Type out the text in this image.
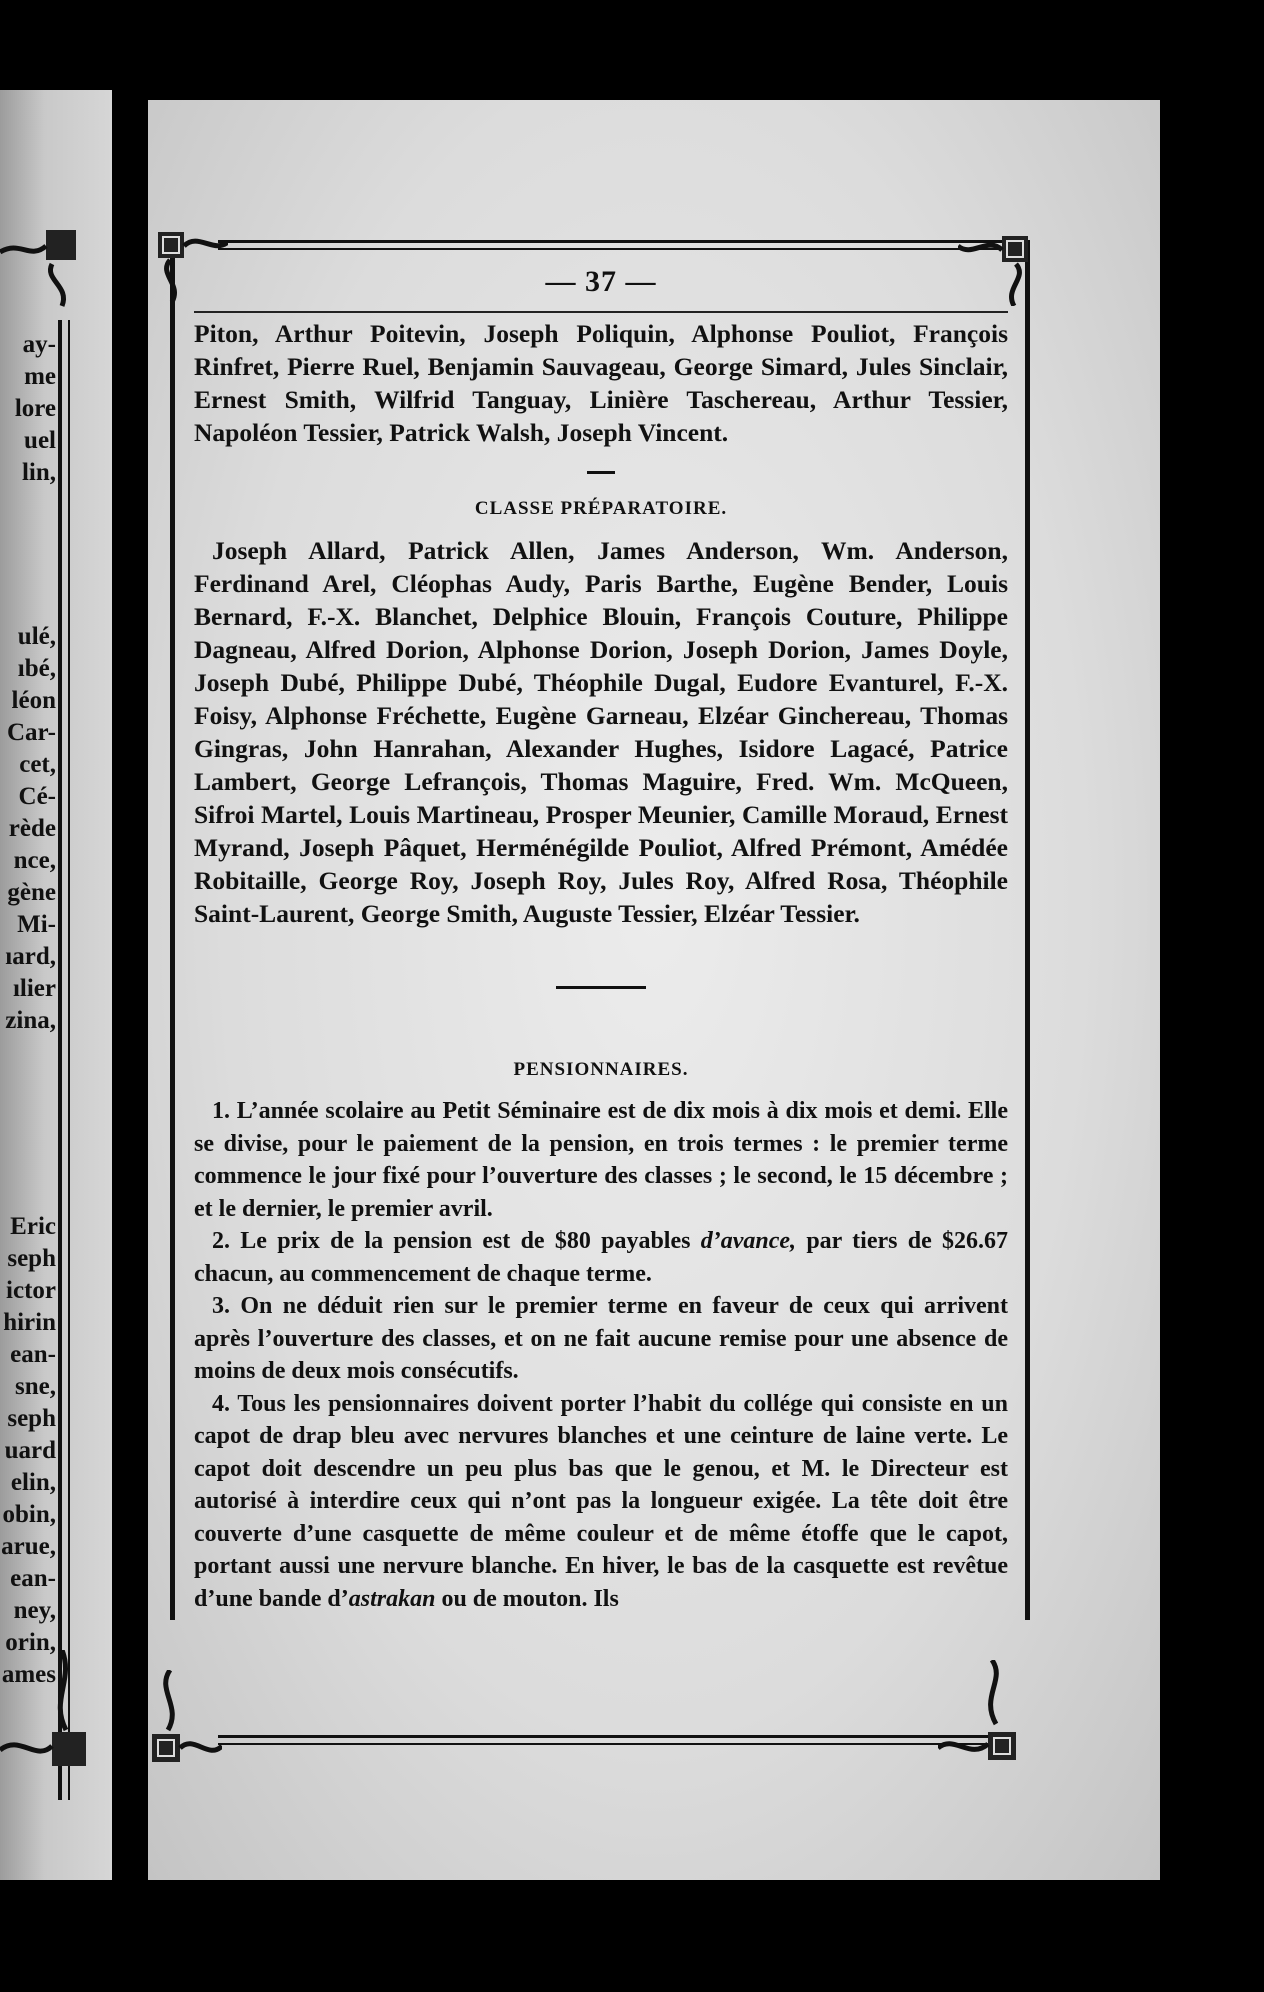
ay-
me
lore
uel
lin,
ulé,
ıbé,
léon
Car-
cet,
Cé-
rède
nce,
gène
Mi-
ıard,
ılier
zina,
Eric
seph
ictor
hirin
ean-
sne,
seph
uard
elin,
obin,
arue,
ean-
ney,
orin,
ames
— 37 —

Piton, Arthur Poitevin, Joseph Poliquin, Alphonse Pouliot, François Rinfret, Pierre Ruel, Benjamin Sauvageau, George Simard, Jules Sinclair, Ernest Smith, Wilfrid Tanguay, Linière Taschereau, Arthur Tessier, Napoléon Tessier, Patrick Walsh, Joseph Vincent.

CLASSE PRÉPARATOIRE.

Joseph Allard, Patrick Allen, James Anderson, Wm. Anderson, Ferdinand Arel, Cléophas Audy, Paris Barthe, Eugène Bender, Louis Bernard, F.-X. Blanchet, Delphice Blouin, François Couture, Philippe Dagneau, Alfred Dorion, Alphonse Dorion, Joseph Dorion, James Doyle, Joseph Dubé, Philippe Dubé, Théophile Dugal, Eudore Evanturel, F.-X. Foisy, Alphonse Fréchette, Eugène Garneau, Elzéar Ginchereau, Thomas Gingras, John Hanrahan, Alexander Hughes, Isidore Lagacé, Patrice Lambert, George Lefrançois, Thomas Maguire, Fred. Wm. McQueen, Sifroi Martel, Louis Martineau, Prosper Meunier, Camille Moraud, Ernest Myrand, Joseph Pâquet, Herménégilde Pouliot, Alfred Prémont, Amédée Robitaille, George Roy, Joseph Roy, Jules Roy, Alfred Rosa, Théophile Saint-Laurent, George Smith, Auguste Tessier, Elzéar Tessier.

PENSIONNAIRES.

1. L’année scolaire au Petit Séminaire est de dix mois à dix mois et demi. Elle se divise, pour le paiement de la pension, en trois termes : le premier terme commence le jour fixé pour l’ouverture des classes ; le second, le 15 décembre ; et le dernier, le premier avril.

2. Le prix de la pension est de $80 payables d’avance, par tiers de $26.67 chacun, au commencement de chaque terme.

3. On ne déduit rien sur le premier terme en faveur de ceux qui arrivent après l’ouverture des classes, et on ne fait aucune remise pour une absence de moins de deux mois consécutifs.

4. Tous les pensionnaires doivent porter l’habit du collége qui consiste en un capot de drap bleu avec nervures blanches et une ceinture de laine verte. Le capot doit descendre un peu plus bas que le genou, et M. le Directeur est autorisé à interdire ceux qui n’ont pas la longueur exigée. La tête doit être couverte d’une casquette de même couleur et de même étoffe que le capot, portant aussi une nervure blanche. En hiver, le bas de la casquette est revêtue d’une bande d’astrakan ou de mouton. Ils
